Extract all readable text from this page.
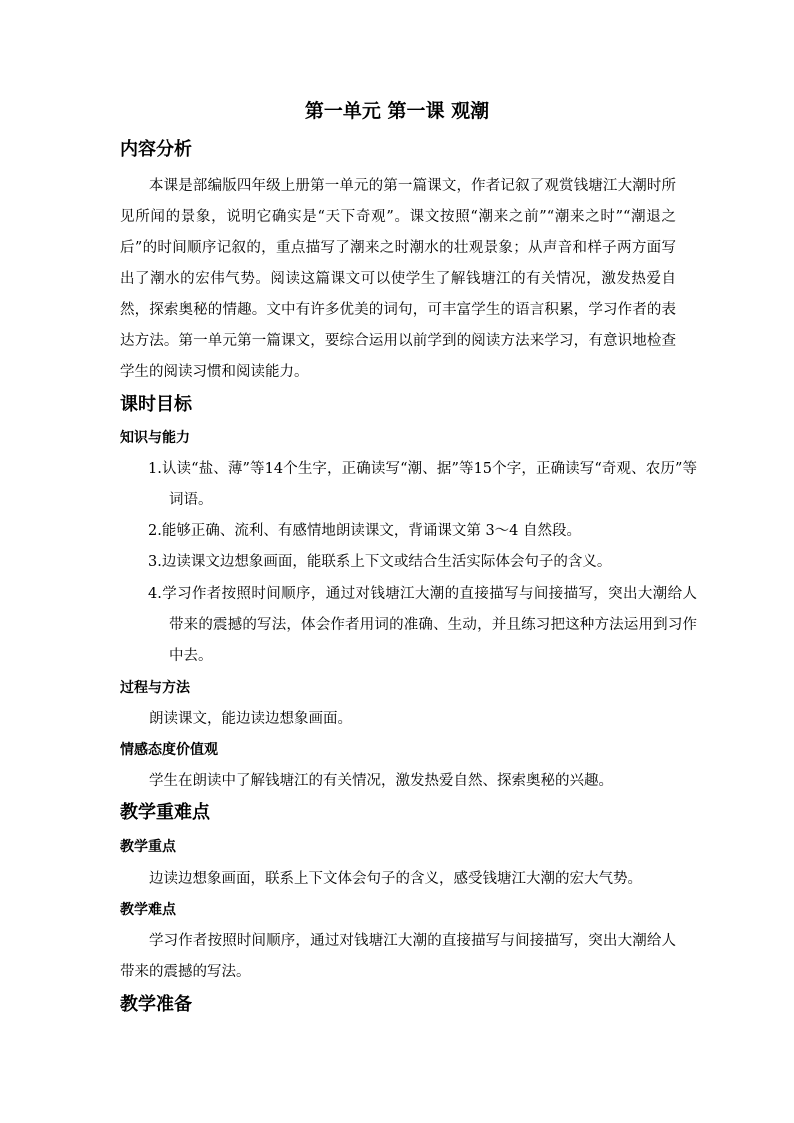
第一单元 第一课 观潮
内容分析

本课是部编版四年级上册第一单元的第一篇课文，作者记叙了观赏钱塘江大潮时所见所闻的景象，说明它确实是“天下奇观”。课文按照“潮来之前”“潮来之时”“潮退之后”的时间顺序记叙的，重点描写了潮来之时潮水的壮观景象；从声音和样子两方面写出了潮水的宏伟气势。阅读这篇课文可以使学生了解钱塘江的有关情况，激发热爱自然，探索奥秘的情趣。文中有许多优美的词句，可丰富学生的语言积累，学习作者的表达方法。第一单元第一篇课文，要综合运用以前学到的阅读方法来学习，有意识地检查学生的阅读习惯和阅读能力。

课时目标
知识与能力

1.认读“盐、薄”等14个生字，正确读写“潮、据”等15个字，正确读写“奇观、农历”等词语。

2.能够正确、流利、有感情地朗读课文，背诵课文第 3～4 自然段。

3.边读课文边想象画面，能联系上下文或结合生活实际体会句子的含义。

4.学习作者按照时间顺序，通过对钱塘江大潮的直接描写与间接描写，突出大潮给人带来的震撼的写法，体会作者用词的准确、生动，并且练习把这种方法运用到习作中去。

过程与方法

朗读课文，能边读边想象画面。

情感态度价值观

学生在朗读中了解钱塘江的有关情况，激发热爱自然、探索奥秘的兴趣。

教学重难点
教学重点

边读边想象画面，联系上下文体会句子的含义，感受钱塘江大潮的宏大气势。

教学难点

学习作者按照时间顺序，通过对钱塘江大潮的直接描写与间接描写，突出大潮给人带来的震撼的写法。

教学准备
